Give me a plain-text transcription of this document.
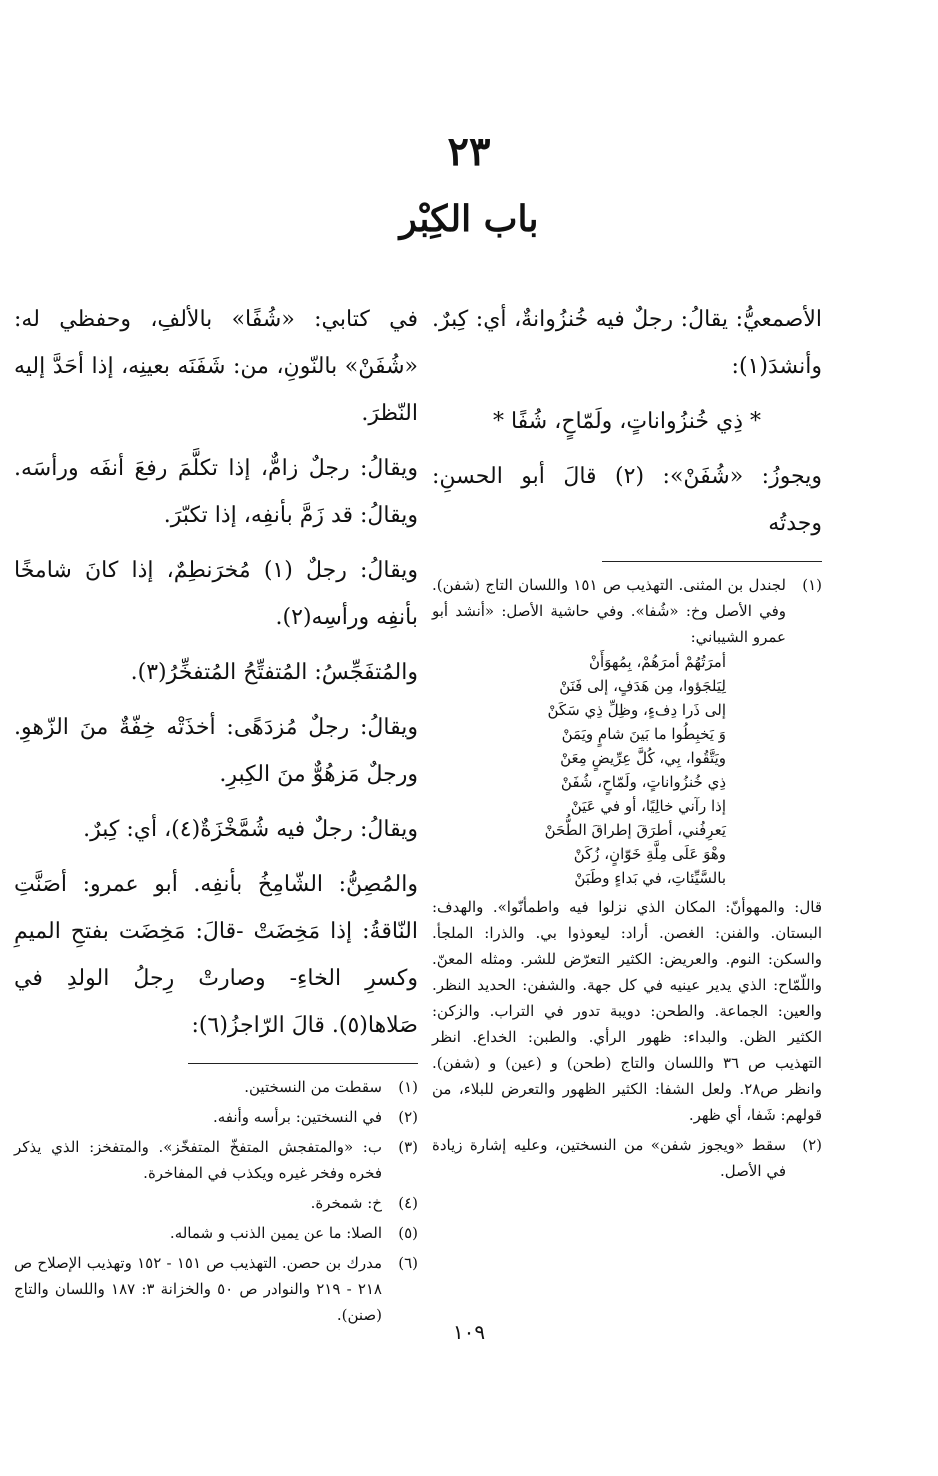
٢٣
باب الكِبْر

الأصمعيُّ: يقالُ: رجلٌ فيه خُنزُوانةٌ، أي: كِبرٌ. وأنشدَ(١):

* ذِي خُنزُواناتٍ، ولَمّاحٍ، شُفًا *

ويجوزُ: «شُفَنْ»: (٢) قالَ أبو الحسنِ: وجدتُه

(١)
لجندل بن المثنى. التهذيب ص ١٥١ واللسان التاج (شفن). وفي الأصل وخ: «شُفا». وفي حاشية الأصل: «أنشد أبو عمرو الشيباني:
أمرَتُهُمْ أمرَهُمْ، بِمُهوَأَنْ
لِيَلجَؤوا، مِن هَدَفٍ، إلى فَنَنْ
إلى ذَرا دِفءٍ، وظِلِّ ذِي سَكَنْ
وَ يَخبِطُوا ما بَينَ شامٍ ويَمَنْ
ويَتَّقُوا، بِي، كُلَّ عِرِّيضٍ مِعَنْ
ذِي خُنزُواناتٍ، ولَمّاحٍ، شُفَنْ
إذا رآني خالِيًا، أو في عَيَنْ
يَعرِفُني، أطرَقَ إطراقَ الطُّحَنْ
وهْوَ عَلَى مِلَّةِ خَوّانٍ، زُكَنْ
بالسَّيِّئاتِ، في بَداءٍ وطَبَنْ
قال: والمهوأنّ: المكان الذي نزلوا فيه واطمأنّوا». والهدف: البستان. والفنن: الغصن. أراد: ليعوذوا بي. والذرا: الملجأ. والسكن: النوم. والعريض: الكثير التعرّض للشر. ومثله المعنّ. واللّمّاح: الذي يدير عينيه في كل جهة. والشفن: الحديد النظر. والعين: الجماعة. والطحن: دويبة تدور في التراب. والزكن: الكثير الظن. والبداء: ظهور الرأي. والطبن: الخداع. انظر التهذيب ص ٣٦ واللسان والتاج (طحن) و (عين) و (شفن). وانظر ص٢٨. ولعل الشفا: الكثير الظهور والتعرض للبلاء، من قولهم: شَفا، أي ظهر.
(٢)
سقط «ويجوز شفن» من النسختين، وعليه إشارة زيادة في الأصل.

في كتابي: «شُفًا» بالألفِ، وحفظي له: «شُفَنْ» بالنّونِ، من: شَفَنَه بعينِه، إذا أحَدَّ إليه النّظرَ.

ويقالُ: رجلٌ زامٌّ، إذا تكلَّمَ رفعَ أنفَه ورأسَه. ويقالُ: قد زَمَّ بأنفِه، إذا تكبّرَ.

ويقالُ: رجلٌ (١) مُخرَنطِمٌ، إذا كانَ شامخًا بأنفِه ورأسِه(٢).

والمُتفَجِّسُ: المُتفتِّحُ المُتفخِّرُ(٣).

ويقالُ: رجلٌ مُزدَهًى: أخذَتْه خِفّةٌ منَ الزّهوِ. ورجلٌ مَزهُوٌّ منَ الكِبرِ.

ويقالُ: رجلٌ فيه شُمَّخْزَةٌ(٤)، أي: كِبرٌ.

والمُصِنُّ: الشّامِخُ بأنفِه. أبو عمرو: أصَنَّتِ النّاقةُ: إذا مَخِضَتْ -قالَ: مَخِضَت بفتحِ الميمِ وكسرِ الخاءِ- وصارتْ رِجلُ الولدِ في صَلاها(٥). قالَ الرّاجزُ(٦):

(١)
سقطت من النسختين.
(٢)
في النسختين: برأسه وأنفه.
(٣)
ب: «والمتفجش المتفخّ المتفخّز». والمتفخز: الذي يذكر فخره وفخر غيره ويكذب في المفاخرة.
(٤)
خ: شمخرة.
(٥)
الصلا: ما عن يمين الذنب و شماله.
(٦)
مدرك بن حصن. التهذيب ص ١٥١ - ١٥٢ وتهذيب الإصلاح ص ٢١٨ - ٢١٩ والنوادر ص ٥٠ والخزانة ٣: ١٨٧ واللسان والتاج (صنن).
١٠٩
